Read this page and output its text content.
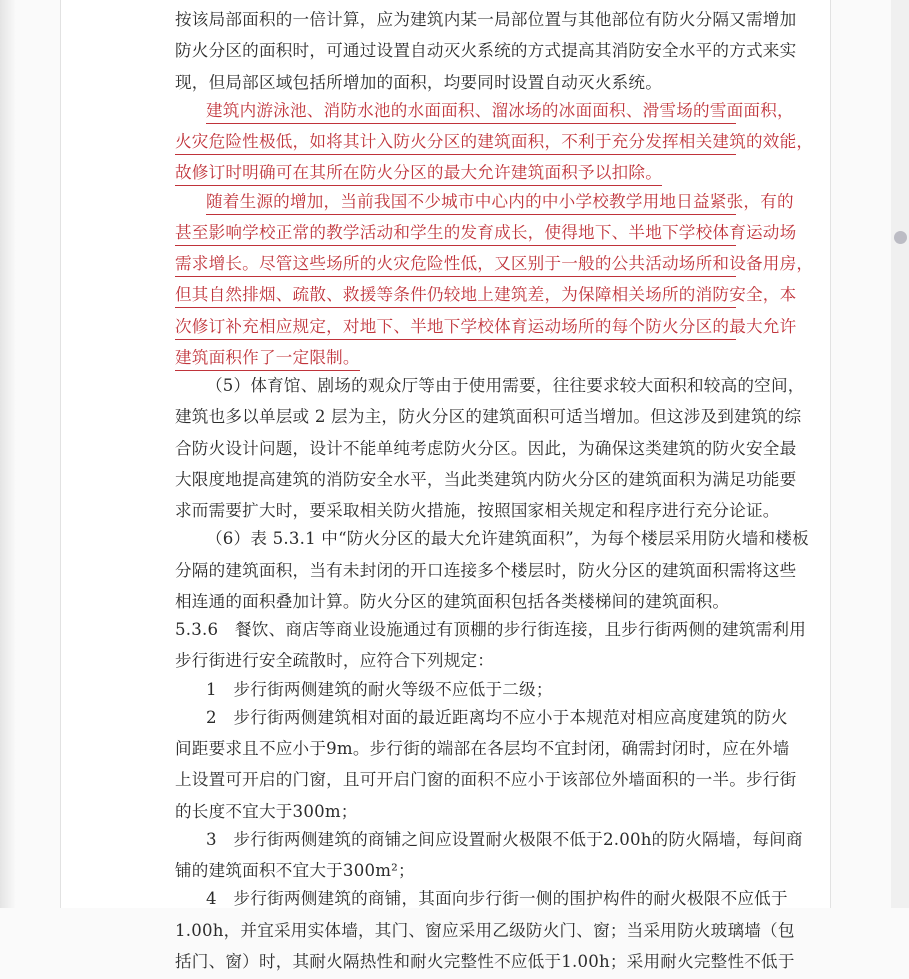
按该局部面积的一倍计算，应为建筑内某一局部位置与其他部位有防火分隔又需增加
防火分区的面积时，可通过设置自动灭火系统的方式提高其消防安全水平的方式来实
现，但局部区域包括所增加的面积，均要同时设置自动灭火系统。
建筑内游泳池、消防水池的水面面积、溜冰场的冰面面积、滑雪场的雪面面积，
火灾危险性极低，如将其计入防火分区的建筑面积，不利于充分发挥相关建筑的效能，
故修订时明确可在其所在防火分区的最大允许建筑面积予以扣除。
随着生源的增加，当前我国不少城市中心内的中小学校教学用地日益紧张，有的
甚至影响学校正常的教学活动和学生的发育成长，使得地下、半地下学校体育运动场
需求增长。尽管这些场所的火灾危险性低，又区别于一般的公共活动场所和设备用房，
但其自然排烟、疏散、救援等条件仍较地上建筑差，为保障相关场所的消防安全，本
次修订补充相应规定，对地下、半地下学校体育运动场所的每个防火分区的最大允许
建筑面积作了一定限制。
（5）体育馆、剧场的观众厅等由于使用需要，往往要求较大面积和较高的空间，
建筑也多以单层或 2 层为主，防火分区的建筑面积可适当增加。但这涉及到建筑的综
合防火设计问题，设计不能单纯考虑防火分区。因此，为确保这类建筑的防火安全最
大限度地提高建筑的消防安全水平，当此类建筑内防火分区的建筑面积为满足功能要
求而需要扩大时，要采取相关防火措施，按照国家相关规定和程序进行充分论证。
（6）表 5.3.1 中“防火分区的最大允许建筑面积”，为每个楼层采用防火墙和楼板
分隔的建筑面积，当有未封闭的开口连接多个楼层时，防火分区的建筑面积需将这些
相连通的面积叠加计算。防火分区的建筑面积包括各类楼梯间的建筑面积。
5.3.6　餐饮、商店等商业设施通过有顶棚的步行街连接，且步行街两侧的建筑需利用
步行街进行安全疏散时，应符合下列规定：
1　步行街两侧建筑的耐火等级不应低于二级；
2　步行街两侧建筑相对面的最近距离均不应小于本规范对相应高度建筑的防火
间距要求且不应小于9m。步行街的端部在各层均不宜封闭，确需封闭时，应在外墙
上设置可开启的门窗，且可开启门窗的面积不应小于该部位外墙面积的一半。步行街
的长度不宜大于300m；
3　步行街两侧建筑的商铺之间应设置耐火极限不低于2.00h的防火隔墙，每间商
铺的建筑面积不宜大于300m²；
4　步行街两侧建筑的商铺，其面向步行街一侧的围护构件的耐火极限不应低于
1.00h，并宜采用实体墙，其门、窗应采用乙级防火门、窗；当采用防火玻璃墙（包
括门、窗）时，其耐火隔热性和耐火完整性不应低于1.00h；采用耐火完整性不低于
